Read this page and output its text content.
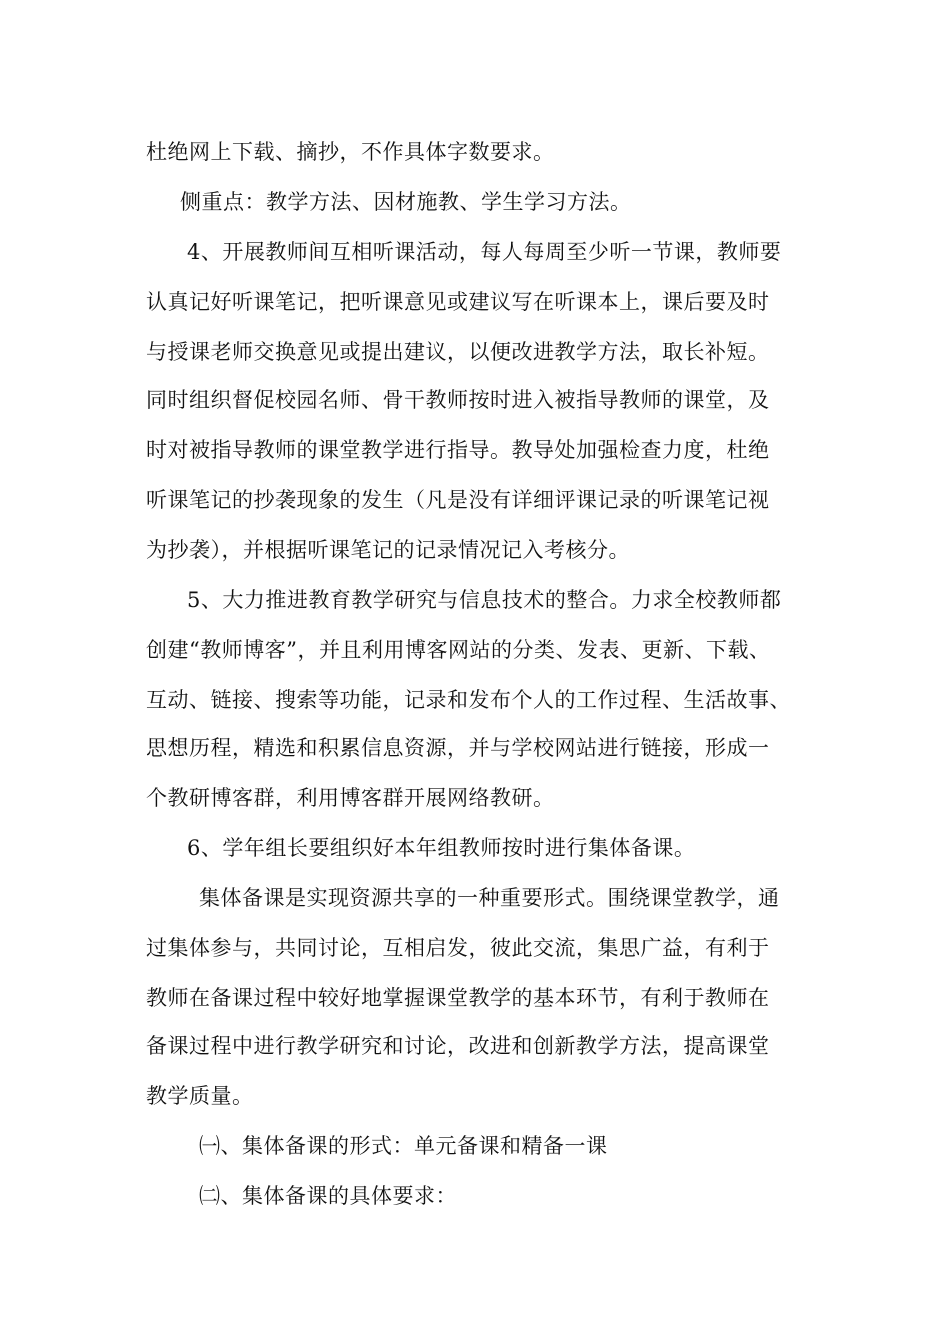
杜绝网上下载、摘抄，不作具体字数要求。

侧重点：教学方法、因材施教、学生学习方法。

4、开展教师间互相听课活动，每人每周至少听一节课，教师要

认真记好听课笔记，把听课意见或建议写在听课本上，课后要及时

与授课老师交换意见或提出建议，以便改进教学方法，取长补短。

同时组织督促校园名师、骨干教师按时进入被指导教师的课堂，及

时对被指导教师的课堂教学进行指导。教导处加强检查力度，杜绝

听课笔记的抄袭现象的发生（凡是没有详细评课记录的听课笔记视

为抄袭），并根据听课笔记的记录情况记入考核分。

5、大力推进教育教学研究与信息技术的整合。力求全校教师都

创建“教师博客”，并且利用博客网站的分类、发表、更新、下载、

互动、链接、搜索等功能，记录和发布个人的工作过程、生活故事、

思想历程，精选和积累信息资源，并与学校网站进行链接，形成一

个教研博客群，利用博客群开展网络教研。

6、学年组长要组织好本年组教师按时进行集体备课。

集体备课是实现资源共享的一种重要形式。围绕课堂教学，通

过集体参与，共同讨论，互相启发，彼此交流，集思广益，有利于

教师在备课过程中较好地掌握课堂教学的基本环节，有利于教师在

备课过程中进行教学研究和讨论，改进和创新教学方法，提高课堂

教学质量。

㈠、集体备课的形式：单元备课和精备一课

㈡、集体备课的具体要求：
